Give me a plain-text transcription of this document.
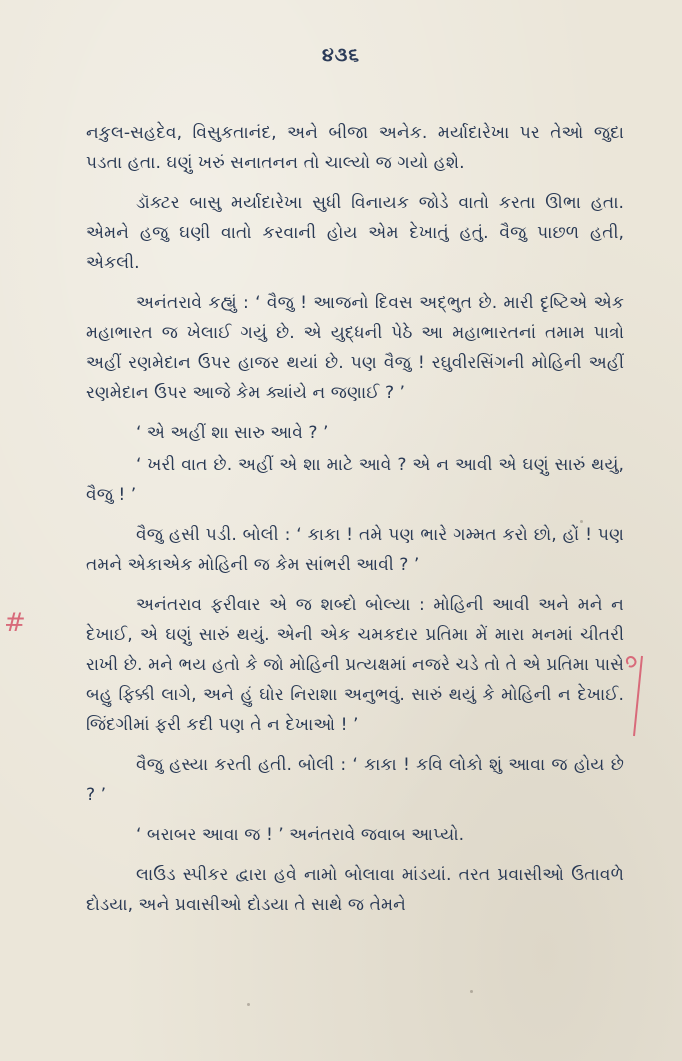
૪૩૬

નકુલ-સહદેવ, વિસુકતાનંદ, અને બીજા અનેક. મર્યાદારેખા પર તેઓ જુદા પડતા હતા. ઘણું ખરું સનાતનન તો ચાલ્યો જ ગયો હશે.

ડૉક્ટર બાસુ મર્યાદારેખા સુધી વિનાયક જોડે વાતો કરતા ઊભા હતા. એમને હજુ ઘણી વાતો કરવાની હોય એમ દેખાતું હતું. વૈજુ પાછળ હતી, એકલી.

અનંતરાવે કહ્યું : ‘ વૈજુ ! આજનો દિવસ અદ્ભુત છે. મારી દૃષ્ટિએ એક મહાભારત જ ખેલાઈ ગયું છે. એ યુદ્ધની પેઠે આ મહાભારતનાં તમામ પાત્રો અહીં રણમેદાન ઉપર હાજર થયાં છે. પણ વૈજુ ! રઘુવીરસિંગની મોહિની અહીં રણમેદાન ઉપર આજે કેમ ક્યાંયે ન જણાઈ ? ’

‘ એ અહીં શા સારુ આવે ? ’

‘ ખરી વાત છે. અહીં એ શા માટે આવે ? એ ન આવી એ ઘણું સારું થયું, વૈજુ ! ’

વૈજુ હસી પડી. બોલી : ‘ કાકા ! તમે પણ ભારે ગમ્મત કરો છો, હોં ! પણ તમને એકાએક મોહિની જ કેમ સાંભરી આવી ? ’

અનંતરાવ ફરીવાર એ જ શબ્દો બોલ્યા : મોહિની આવી અને મને ન દેખાઈ, એ ઘણું સારું થયું. એની એક ચમકદાર પ્રતિમા મેં મારા મનમાં ચીતરી રાખી છે. મને ભય હતો કે જો મોહિની પ્રત્યક્ષમાં નજરે ચડે તો તે એ પ્રતિમા પાસે બહુ ફિક્કી લાગે, અને હું ઘોર નિરાશા અનુભવું. સારું થયું કે મોહિની ન દેખાઈ. જિંદગીમાં ફરી કદી પણ તે ન દેખાઓ ! ’

વૈજુ હસ્યા કરતી હતી. બોલી : ‘ કાકા ! કવિ લોકો શું આવા જ હોય છે ? ’

‘ બરાબર આવા જ ! ’ અનંતરાવે જવાબ આપ્યો.

લાઉડ સ્પીકર દ્વારા હવે નામો બોલાવા માંડયાં. તરત પ્રવાસીઓ ઉતાવળે દોડયા, અને પ્રવાસીઓ દોડયા તે સાથે જ તેમને

#
